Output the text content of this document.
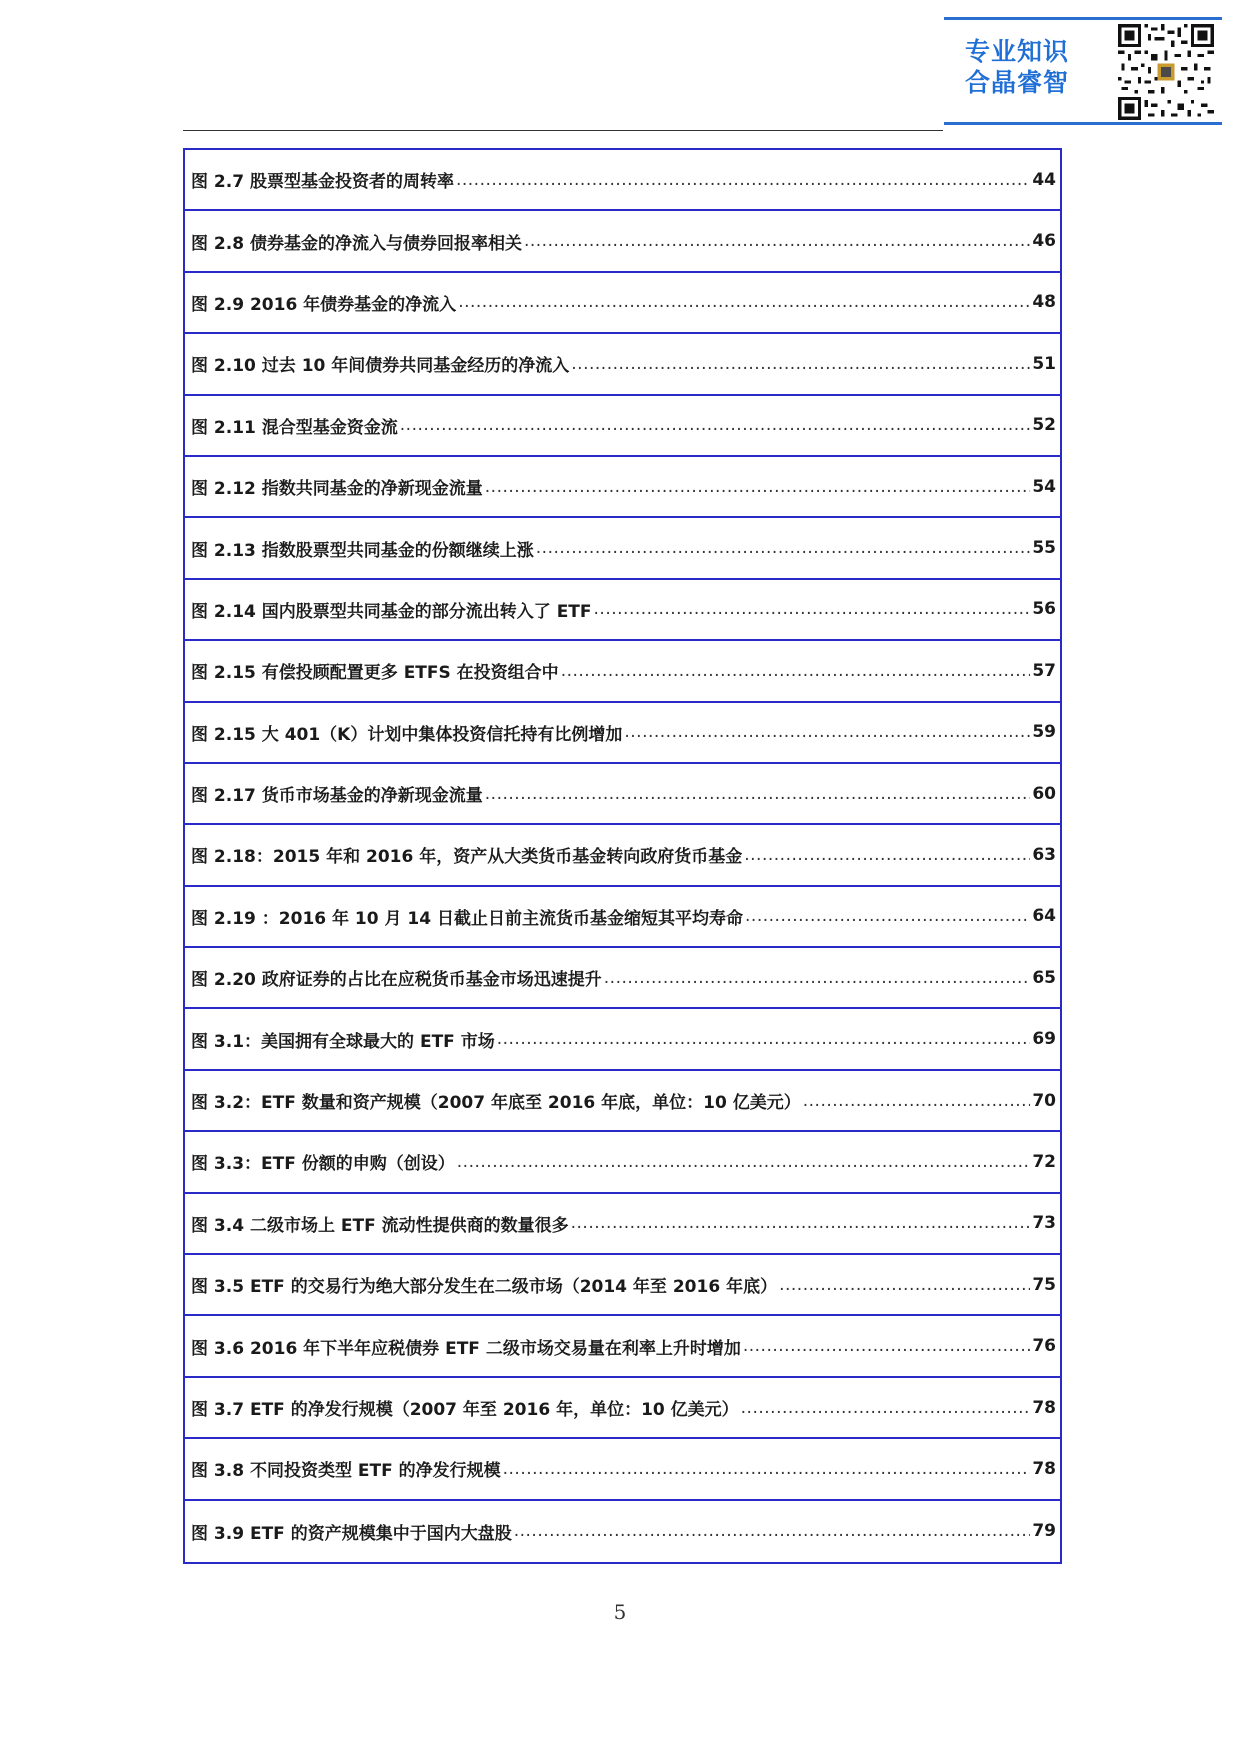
专业知识
合晶睿智
图 2.7 股票型基金投资者的周转率 .....	44
图 2.8 债券基金的净流入与债券回报率相关 .....	46
图 2.9 2016 年债券基金的净流入 .....	48
图 2.10 过去 10 年间债券共同基金经历的净流入 .....	51
图 2.11 混合型基金资金流 .....	52
图 2.12 指数共同基金的净新现金流量 .....	54
图 2.13 指数股票型共同基金的份额继续上涨 .....	55
图 2.14 国内股票型共同基金的部分流出转入了 ETF .....	56
图 2.15 有偿投顾配置更多 ETFS 在投资组合中 .....	57
图 2.15 大 401（K）计划中集体投资信托持有比例增加 .....	59
图 2.17 货币市场基金的净新现金流量 .....	60
图 2.18：2015 年和 2016 年，资产从大类货币基金转向政府货币基金 .....	63
图 2.19 ：2016 年 10 月 14 日截止日前主流货币基金缩短其平均寿命 .....	64
图 2.20 政府证券的占比在应税货币基金市场迅速提升 .....	65
图 3.1：美国拥有全球最大的 ETF 市场 .....	69
图 3.2：ETF 数量和资产规模（2007 年底至 2016 年底，单位：10 亿美元） .....	70
图 3.3：ETF 份额的申购（创设） .....	72
图 3.4 二级市场上 ETF 流动性提供商的数量很多 .....	73
图 3.5 ETF 的交易行为绝大部分发生在二级市场（2014 年至 2016 年底） .....	75
图 3.6 2016 年下半年应税债券 ETF 二级市场交易量在利率上升时增加 .....	76
图 3.7 ETF 的净发行规模（2007 年至 2016 年，单位：10 亿美元） .....	78
图 3.8 不同投资类型 ETF 的净发行规模 .....	78
图 3.9 ETF 的资产规模集中于国内大盘股 .....	79
5
